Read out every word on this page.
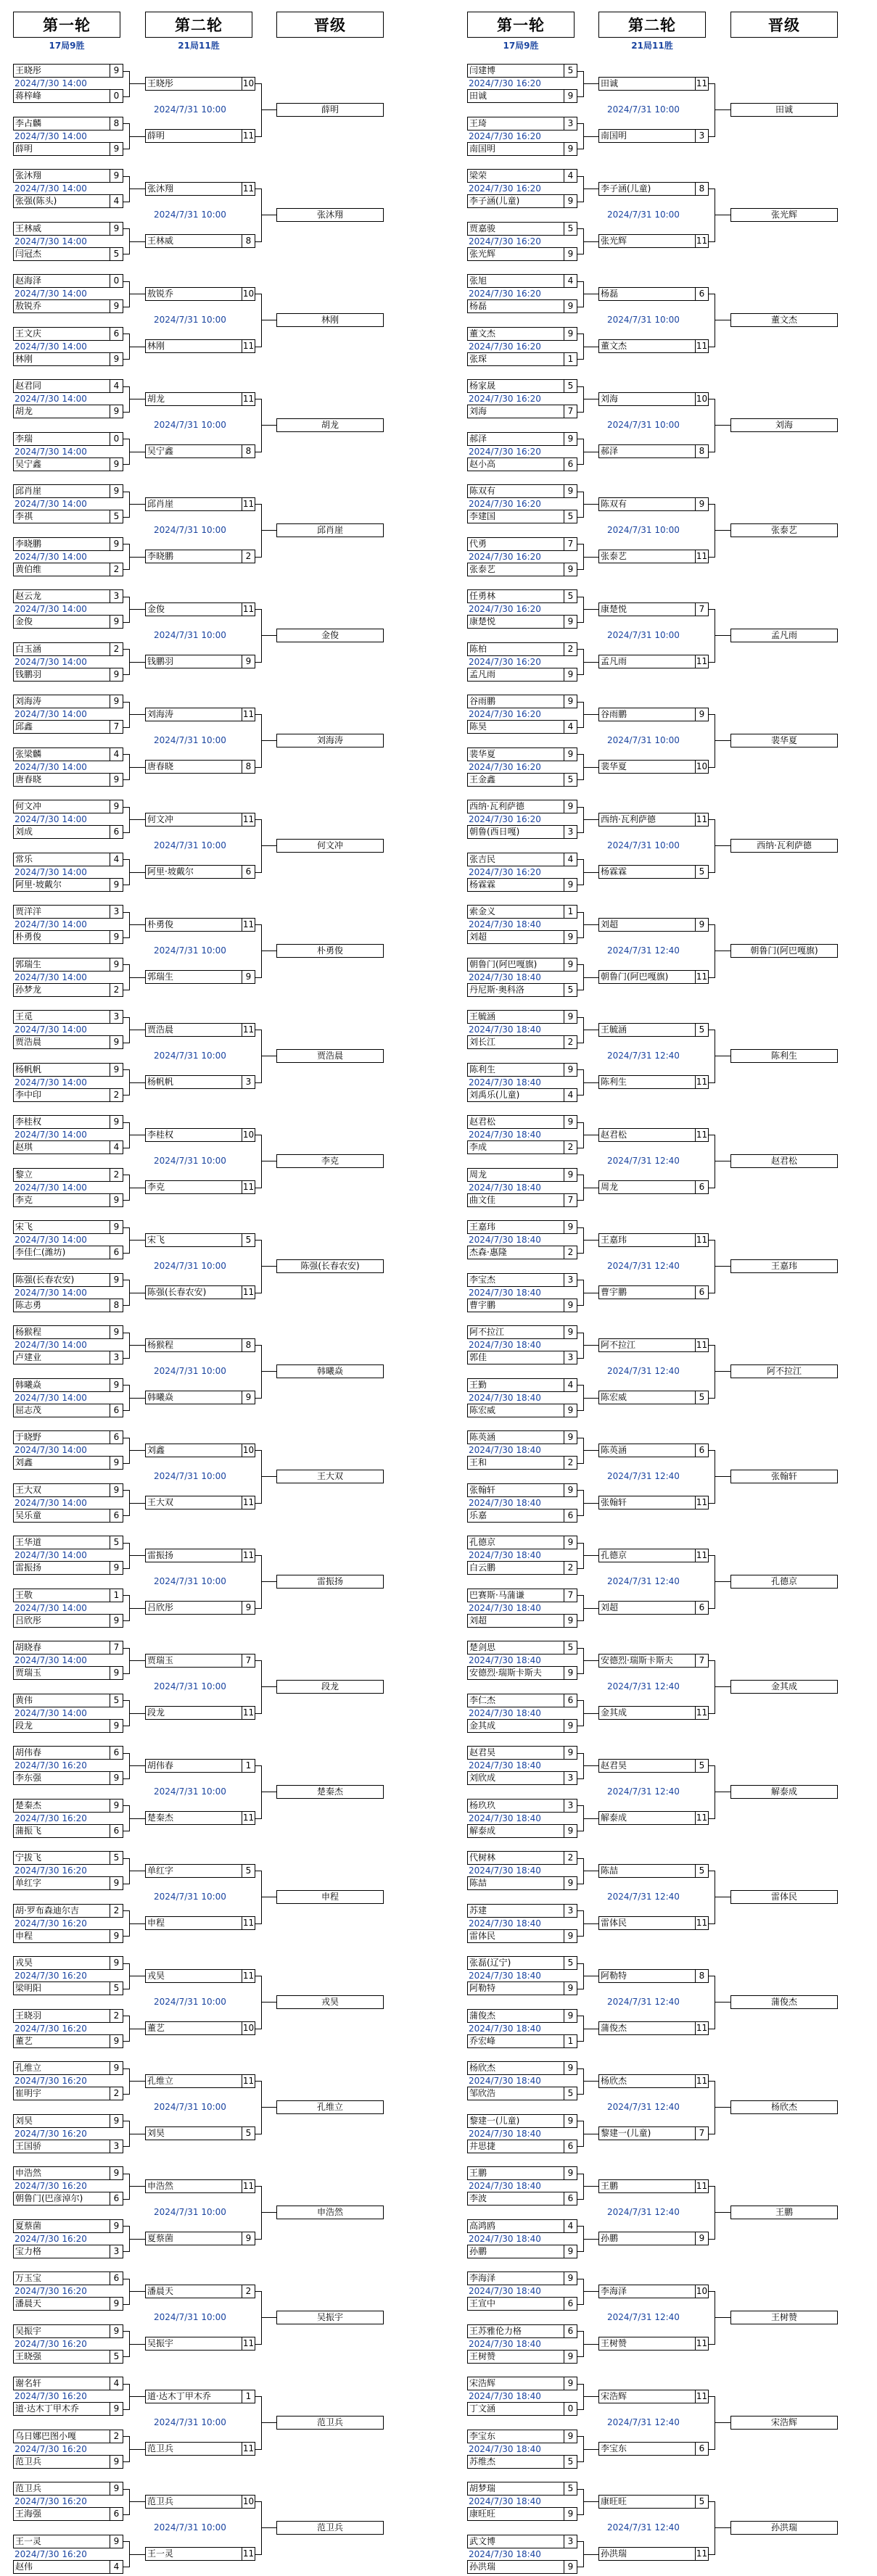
第一轮	第二轮	晋级
17局9胜	21局11胜
第一轮	第二轮	晋级
17局9胜	21局11胜
王晓彤	9
蒋梓峰	0
2024/7/30 14:00
李占麟	8
薛明	9
2024/7/30 14:00
张沐翔	9
张强(陈头)	4
2024/7/30 14:00
王林威	9
闫冠杰	5
2024/7/30 14:00
赵海泽	0
敖锐乔	9
2024/7/30 14:00
王文庆	6
林刚	9
2024/7/30 14:00
赵君同	4
胡龙	9
2024/7/30 14:00
李瑞	0
吴宁鑫	9
2024/7/30 14:00
邱肖崖	9
李祺	5
2024/7/30 14:00
李晓鹏	9
黄伯维	2
2024/7/30 14:00
赵云龙	3
金俊	9
2024/7/30 14:00
白玉涵	2
钱鹏羽	9
2024/7/30 14:00
刘海涛	9
邱鑫	7
2024/7/30 14:00
张梁麟	4
唐春晓	9
2024/7/30 14:00
何文冲	9
刘成	6
2024/7/30 14:00
常乐	4
阿里·坡戴尔	9
2024/7/30 14:00
贾洋洋	3
朴勇俊	9
2024/7/30 14:00
郭瑞生	9
孙梦龙	2
2024/7/30 14:00
王觅	3
贾浩晨	9
2024/7/30 14:00
杨帆帆	9
李中印	2
2024/7/30 14:00
李桂权	9
赵琪	4
2024/7/30 14:00
黎立	2
李克	9
2024/7/30 14:00
宋飞	9
李佳仁(潍坊)	6
2024/7/30 14:00
陈强(长春农安)	9
陈志勇	8
2024/7/30 14:00
杨猴程	9
卢建业	3
2024/7/30 14:00
韩曦焱	9
屈志茂	6
2024/7/30 14:00
于晓野	6
刘鑫	9
2024/7/30 14:00
王大双	9
吴乐童	6
2024/7/30 14:00
王华道	5
雷振扬	9
2024/7/30 14:00
王敬	1
吕欣彤	9
2024/7/30 14:00
胡晓春	7
贾瑞玉	9
2024/7/30 14:00
黄伟	5
段龙	9
2024/7/30 14:00
胡伟春	6
李东强	9
2024/7/30 16:20
楚秦杰	9
蒲振飞	6
2024/7/30 16:20
宁拔飞	5
单红字	9
2024/7/30 16:20
胡·罗布森迪尔吉	2
申程	9
2024/7/30 16:20
戎昊	9
梁明阳	5
2024/7/30 16:20
王晓羽	2
董艺	9
2024/7/30 16:20
孔维立	9
崔明宇	2
2024/7/30 16:20
刘昊	9
王国骄	3
2024/7/30 16:20
申浩然	9
朝鲁门(巴彦淖尔)	6
2024/7/30 16:20
夏蔡菌	9
宝力格	3
2024/7/30 16:20
万玉宝	6
潘晨天	9
2024/7/30 16:20
吴振宇	9
王晓强	5
2024/7/30 16:20
谢名轩	4
道·达木丁甲木乔	9
2024/7/30 16:20
乌日娜巴图小嘎	2
范卫兵	9
2024/7/30 16:20
范卫兵	9
王海强	6
2024/7/30 16:20
王一灵	9
赵伟	4
2024/7/30 16:20
王晓彤	10
薛明	11
2024/7/31 10:00	薛明
张沐翔	11
王林威	8
2024/7/31 10:00	张沐翔
敖锐乔	10
林刚	11
2024/7/31 10:00	林刚
胡龙	11
吴宁鑫	8
2024/7/31 10:00	胡龙
邱肖崖	11
李晓鹏	2
2024/7/31 10:00	邱肖崖
金俊	11
钱鹏羽	9
2024/7/31 10:00	金俊
刘海涛	11
唐春晓	8
2024/7/31 10:00	刘海涛
何文冲	11
阿里·坡戴尔	6
2024/7/31 10:00	何文冲
朴勇俊	11
郭瑞生	9
2024/7/31 10:00	朴勇俊
贾浩晨	11
杨帆帆	3
2024/7/31 10:00	贾浩晨
李桂权	10
李克	11
2024/7/31 10:00	李克
宋飞	5
陈强(长春农安)	11
2024/7/31 10:00	陈强(长春农安)
杨猴程	8
韩曦焱	9
2024/7/31 10:00	韩曦焱
刘鑫	10
王大双	11
2024/7/31 10:00	王大双
雷振扬	11
吕欣彤	9
2024/7/31 10:00	雷振扬
贾瑞玉	7
段龙	11
2024/7/31 10:00	段龙
胡伟春	1
楚秦杰	11
2024/7/31 10:00	楚秦杰
单红字	5
申程	11
2024/7/31 10:00	申程
戎昊	11
董艺	10
2024/7/31 10:00	戎昊
孔维立	11
刘昊	5
2024/7/31 10:00	孔维立
申浩然	11
夏蔡菌	9
2024/7/31 10:00	申浩然
潘晨天	2
吴振宇	11
2024/7/31 10:00	吴振宇
道·达木丁甲木乔	1
范卫兵	11
2024/7/31 10:00	范卫兵
范卫兵	10
王一灵	11
2024/7/31 10:00	范卫兵
闫建博	5
田诚	9
2024/7/30 16:20
王琦	3
南国明	9
2024/7/30 16:20
梁荣	4
李子涵(儿童)	9
2024/7/30 16:20
贾嘉骏	5
张光辉	9
2024/7/30 16:20
张旭	4
杨磊	9
2024/7/30 16:20
董文杰	9
张琛	1
2024/7/30 16:20
杨家晟	5
刘海	7
2024/7/30 16:20
郝泽	9
赵小高	6
2024/7/30 16:20
陈双有	9
李建国	5
2024/7/30 16:20
代勇	7
张泰艺	9
2024/7/30 16:20
任勇林	5
康楚悦	9
2024/7/30 16:20
陈柏	2
孟凡雨	9
2024/7/30 16:20
谷雨鹏	9
陈昊	4
2024/7/30 16:20
裴华夏	9
王金鑫	5
2024/7/30 16:20
西纳·瓦利萨德	9
朝鲁(西日嘎)	3
2024/7/30 16:20
张吉民	4
杨霖霖	9
2024/7/30 16:20
索金义	1
刘超	9
2024/7/30 18:40
朝鲁门(阿巴嘎旗)	9
丹尼斯·奥科洛	5
2024/7/30 18:40
王毓涵	9
刘长江	2
2024/7/30 18:40
陈利生	9
刘禹乐(儿童)	4
2024/7/30 18:40
赵君松	9
李成	2
2024/7/30 18:40
周龙	9
曲文佳	7
2024/7/30 18:40
王嘉玮	9
杰森·惠隆	2
2024/7/30 18:40
李宝杰	3
曹宇鹏	9
2024/7/30 18:40
阿不拉江	9
郭佳	3
2024/7/30 18:40
王勤	4
陈宏威	9
2024/7/30 18:40
陈英涵	9
王和	2
2024/7/30 18:40
张翰轩	9
乐嘉	6
2024/7/30 18:40
孔德京	9
白云鹏	2
2024/7/30 18:40
巴赛斯·马蒲谦	7
刘超	9
2024/7/30 18:40
楚剑思	5
安德烈·瑞斯卡斯夫	9
2024/7/30 18:40
李仁杰	6
金其成	9
2024/7/30 18:40
赵君昊	9
刘欣成	3
2024/7/30 18:40
杨玖玖	3
解泰成	9
2024/7/30 18:40
代树林	2
陈喆	9
2024/7/30 18:40
苏建	3
雷体民	9
2024/7/30 18:40
张磊(辽宁)	5
阿勒特	9
2024/7/30 18:40
蒲俊杰	9
乔宏峰	1
2024/7/30 18:40
杨欣杰	9
邹欣浩	5
2024/7/30 18:40
黎建一(儿童)	9
井思捷	6
2024/7/30 18:40
王鹏	9
李波	6
2024/7/30 18:40
高鸿鸥	4
孙鹏	9
2024/7/30 18:40
李海泽	9
王宣中	6
2024/7/30 18:40
王苏雅伦力格	6
王树赞	9
2024/7/30 18:40
宋浩辉	9
丁文涵	0
2024/7/30 18:40
李宝东	9
苏维杰	5
2024/7/30 18:40
胡梦瑞	5
康旺旺	9
2024/7/30 18:40
武文博	3
孙洪瑞	9
2024/7/30 18:40
田诚	11
南国明	3
2024/7/31 10:00	田诚
李子涵(儿童)	8
张光辉	11
2024/7/31 10:00	张光辉
杨磊	6
董文杰	11
2024/7/31 10:00	董文杰
刘海	10
郝泽	8
2024/7/31 10:00	刘海
陈双有	9
张泰艺	11
2024/7/31 10:00	张泰艺
康楚悦	7
孟凡雨	11
2024/7/31 10:00	孟凡雨
谷雨鹏	9
裴华夏	10
2024/7/31 10:00	裴华夏
西纳·瓦利萨德	11
杨霖霖	5
2024/7/31 10:00	西纳·瓦利萨德
刘超	9
朝鲁门(阿巴嘎旗)	11
2024/7/31 12:40	朝鲁门(阿巴嘎旗)
王毓涵	5
陈利生	11
2024/7/31 12:40	陈利生
赵君松	11
周龙	6
2024/7/31 12:40	赵君松
王嘉玮	11
曹宇鹏	6
2024/7/31 12:40	王嘉玮
阿不拉江	11
陈宏威	5
2024/7/31 12:40	阿不拉江
陈英涵	6
张翰轩	11
2024/7/31 12:40	张翰轩
孔德京	11
刘超	6
2024/7/31 12:40	孔德京
安德烈·瑞斯卡斯夫	7
金其成	11
2024/7/31 12:40	金其成
赵君昊	5
解泰成	11
2024/7/31 12:40	解泰成
陈喆	5
雷体民	11
2024/7/31 12:40	雷体民
阿勒特	8
蒲俊杰	11
2024/7/31 12:40	蒲俊杰
杨欣杰	11
黎建一(儿童)	7
2024/7/31 12:40	杨欣杰
王鹏	11
孙鹏	9
2024/7/31 12:40	王鹏
李海泽	10
王树赞	11
2024/7/31 12:40	王树赞
宋浩辉	11
李宝东	6
2024/7/31 12:40	宋浩辉
康旺旺	5
孙洪瑞	11
2024/7/31 12:40	孙洪瑞
